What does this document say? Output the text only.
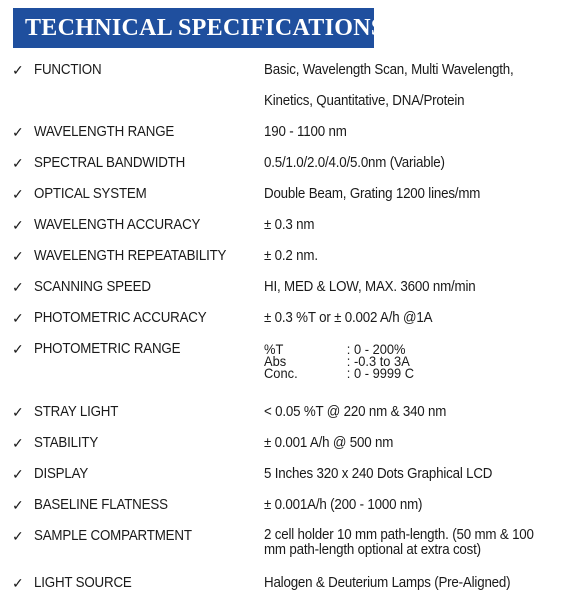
TECHNICAL SPECIFICATIONS
✓ FUNCTION	Basic, Wavelength Scan, Multi Wavelength,
Kinetics, Quantitative, DNA/Protein
✓ WAVELENGTH RANGE	190 - 1100 nm
✓ SPECTRAL BANDWIDTH	0.5/1.0/2.0/4.0/5.0nm (Variable)
✓ OPTICAL SYSTEM	Double Beam, Grating 1200 lines/mm
✓ WAVELENGTH ACCURACY	± 0.3 nm
✓ WAVELENGTH REPEATABILITY	± 0.2 nm.
✓ SCANNING SPEED	HI, MED & LOW, MAX. 3600 nm/min
✓ PHOTOMETRIC ACCURACY	± 0.3 %T or ± 0.002 A/h @1A
✓ PHOTOMETRIC RANGE	%T	: 0 - 200%
Abs	: -0.3 to 3A
Conc.	: 0 - 9999 C
✓ STRAY LIGHT	< 0.05 %T @ 220 nm & 340 nm
✓ STABILITY	± 0.001 A/h @ 500 nm
✓ DISPLAY	5 Inches 320 x 240 Dots Graphical LCD
✓ BASELINE FLATNESS	± 0.001A/h (200 - 1000 nm)
✓ SAMPLE COMPARTMENT	2 cell holder 10 mm path-length. (50 mm & 100 mm path-length optional at extra cost)
✓ LIGHT SOURCE	Halogen & Deuterium Lamps (Pre-Aligned)
